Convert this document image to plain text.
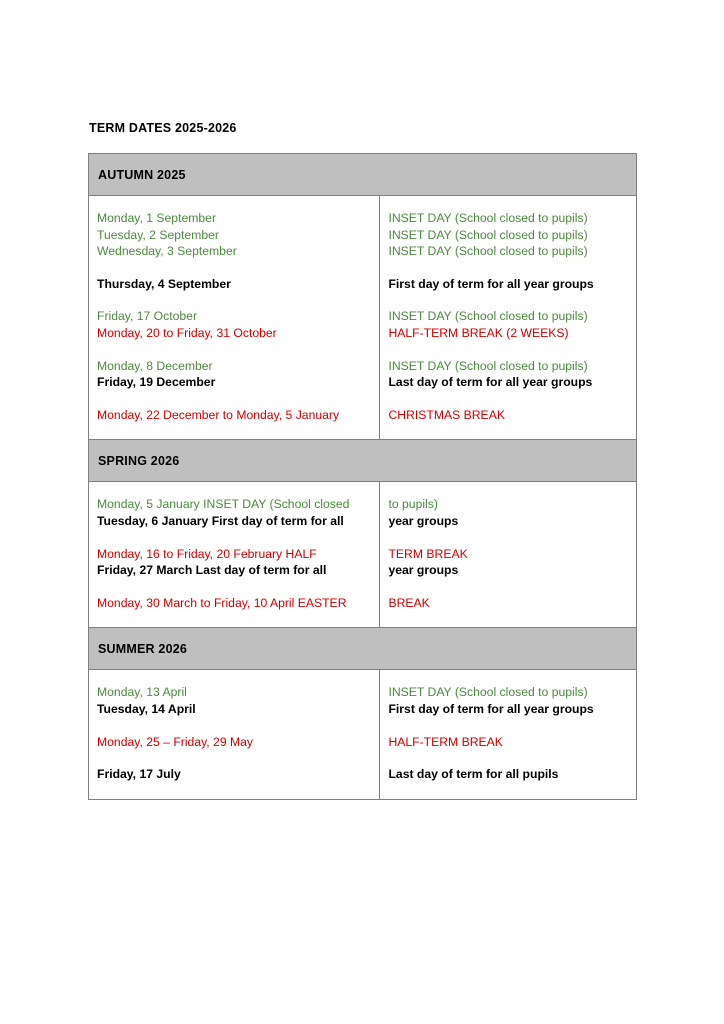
TERM DATES 2025-2026
AUTUMN 2025
Monday, 1 September
Tuesday, 2 September
Wednesday, 3 September
Thursday, 4 September
Friday, 17 October
Monday, 20 to Friday, 31 October
Monday, 8 December
Friday, 19 December
Monday, 22 December to Monday, 5 January
INSET DAY (School closed to pupils)
INSET DAY (School closed to pupils)
INSET DAY (School closed to pupils)
First day of term for all year groups
INSET DAY (School closed to pupils)
HALF-TERM BREAK (2 WEEKS)
INSET DAY (School closed to pupils)
Last day of term for all year groups
CHRISTMAS BREAK
SPRING 2026
Monday, 5 January INSET DAY (School closed
Tuesday, 6 January First day of term for all
Monday, 16 to Friday, 20 February HALF
Friday, 27 March Last day of term for all
Monday, 30 March to Friday, 10 April EASTER
to pupils)
year groups
TERM BREAK
year groups
BREAK
SUMMER 2026
Monday, 13 April
Tuesday, 14 April
Monday, 25 – Friday, 29 May
Friday, 17 July
INSET DAY (School closed to pupils)
First day of term for all year groups
HALF-TERM BREAK
Last day of term for all pupils
